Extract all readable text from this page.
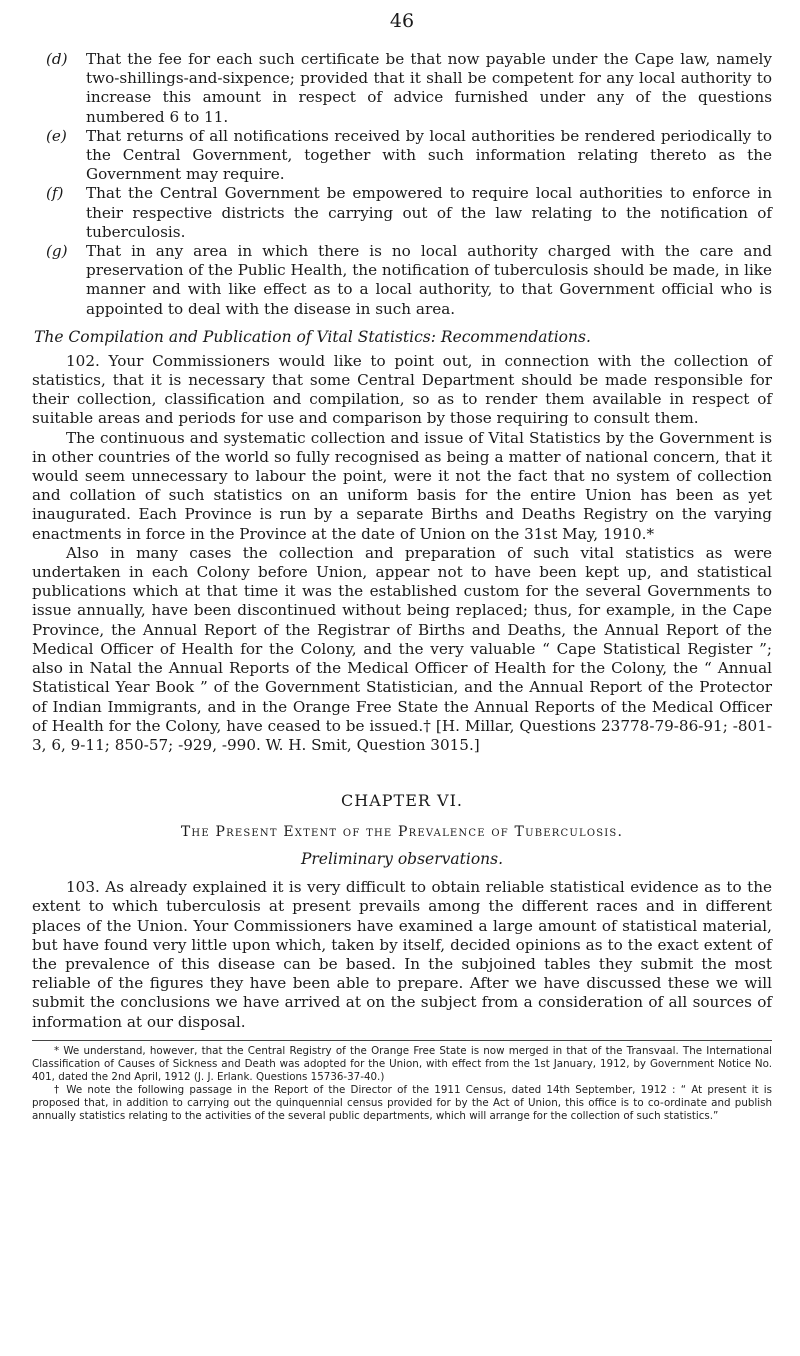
46
(d) That the fee for each such certificate be that now payable under the Cape law, namely two-shillings-and-sixpence; provided that it shall be competent for any local authority to increase this amount in respect of advice furnished under any of the questions numbered 6 to 11.
(e) That returns of all notifications received by local authorities be rendered periodically to the Central Government, together with such information relating thereto as the Government may require.
(f) That the Central Government be empowered to require local authorities to enforce in their respective districts the carrying out of the law relating to the notification of tuberculosis.
(g) That in any area in which there is no local authority charged with the care and preservation of the Public Health, the notification of tuberculosis should be made, in like manner and with like effect as to a local authority, to that Government official who is appointed to deal with the disease in such area.
The Compilation and Publication of Vital Statistics: Recommendations.

102. Your Commissioners would like to point out, in connection with the collection of statistics, that it is necessary that some Central Department should be made responsible for their collection, classification and compilation, so as to render them available in respect of suitable areas and periods for use and comparison by those requiring to consult them.

The continuous and systematic collection and issue of Vital Statistics by the Government is in other countries of the world so fully recognised as being a matter of national concern, that it would seem unnecessary to labour the point, were it not the fact that no system of collection and collation of such statistics on an uniform basis for the entire Union has been as yet inaugurated. Each Province is run by a separate Births and Deaths Registry on the varying enactments in force in the Province at the date of Union on the 31st May, 1910.*

Also in many cases the collection and preparation of such vital statistics as were undertaken in each Colony before Union, appear not to have been kept up, and statistical publications which at that time it was the established custom for the several Governments to issue annually, have been discontinued without being replaced; thus, for example, in the Cape Province, the Annual Report of the Registrar of Births and Deaths, the Annual Report of the Medical Officer of Health for the Colony, and the very valuable “ Cape Statistical Register ”; also in Natal the Annual Reports of the Medical Officer of Health for the Colony, the “ Annual Statistical Year Book ” of the Government Statistician, and the Annual Report of the Protector of Indian Immigrants, and in the Orange Free State the Annual Reports of the Medical Officer of Health for the Colony, have ceased to be issued.† [H. Millar, Questions 23778-79-86-91; -801-3, 6, 9-11; 850-57; -929, -990. W. H. Smit, Question 3015.]

CHAPTER VI.
The Present Extent of the Prevalence of Tuberculosis.
Preliminary observations.

103. As already explained it is very difficult to obtain reliable statistical evidence as to the extent to which tuberculosis at present prevails among the different races and in different places of the Union. Your Commissioners have examined a large amount of statistical material, but have found very little upon which, taken by itself, decided opinions as to the exact extent of the prevalence of this disease can be based. In the subjoined tables they submit the most reliable of the figures they have been able to prepare. After we have discussed these we will submit the conclusions we have arrived at on the subject from a consideration of all sources of information at our disposal.

* We understand, however, that the Central Registry of the Orange Free State is now merged in that of the Transvaal. The International Classification of Causes of Sickness and Death was adopted for the Union, with effect from the 1st January, 1912, by Government Notice No. 401, dated the 2nd April, 1912 (J. J. Erlank. Questions 15736-37-40.)

† We note the following passage in the Report of the Director of the 1911 Census, dated 14th September, 1912 : “ At present it is proposed that, in addition to carrying out the quinquennial census provided for by the Act of Union, this office is to co-ordinate and publish annually statistics relating to the activities of the several public departments, which will arrange for the collection of such statistics.”
